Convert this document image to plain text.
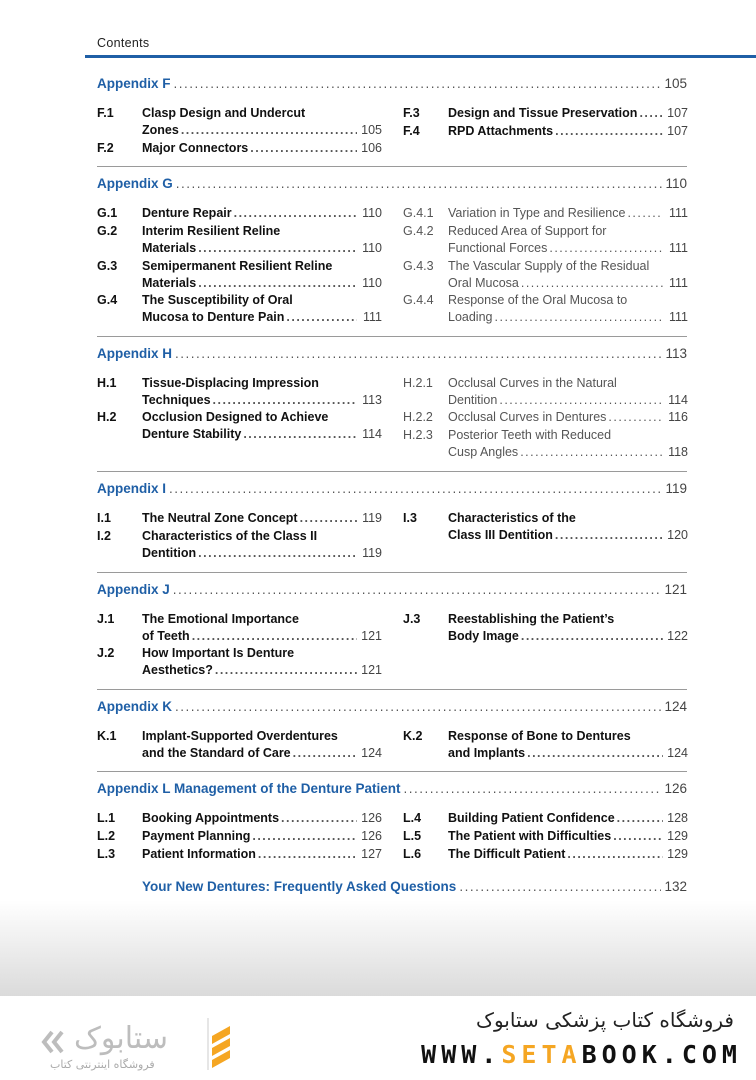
Contents
Appendix F .....	105
F.1 Clasp Design and Undercut
Zones .....	105
F.2 Major Connectors .....	106
F.3 Design and Tissue Preservation ..... 107
F.4 RPD Attachments .....	107
Appendix G .....	110
G.1 Denture Repair .....	110
G.2 Interim Resilient Reline
Materials .....	110
G.3 Semipermanent Resilient Reline
Materials .....	110
G.4 The Susceptibility of Oral
Mucosa to Denture Pain .....	111
G.4.1 Variation in Type and Resilience .....	111
G.4.2 Reduced Area of Support for
Functional Forces .....	111
G.4.3 The Vascular Supply of the Residual
Oral Mucosa .....	111
G.4.4 Response of the Oral Mucosa to
Loading .....	111
Appendix H .....	113
H.1 Tissue-Displacing Impression
Techniques .....	113
H.2 Occlusion Designed to Achieve
Denture Stability .....	114
H.2.1 Occlusal Curves in the Natural
Dentition .....	114
H.2.2 Occlusal Curves in Dentures .....	116
H.2.3 Posterior Teeth with Reduced
Cusp Angles .....	118
Appendix I .....	119
I.1 The Neutral Zone Concept .....	119
I.2 Characteristics of the Class II
Dentition .....	119
I.3 Characteristics of the
Class III Dentition .....	120
Appendix J .....	121
J.1 The Emotional Importance
of Teeth .....	121
J.2 How Important Is Denture
Aesthetics? .....	121
J.3 Reestablishing the Patient’s
Body Image .....	122
Appendix K .....	124
K.1 Implant-Supported Overdentures
and the Standard of Care .....	124
K.2 Response of Bone to Dentures
and Implants .....	124
Appendix L Management of the Denture Patient .....	126
L.1 Booking Appointments .....	126
L.2 Payment Planning .....	126
L.3 Patient Information .....	127
L.4 Building Patient Confidence .....	128
L.5 The Patient with Difficulties .....	129
L.6 The Difficult Patient .....	129
Your New Dentures: Frequently Asked Questions .....	132
.....
ستابوک
فروشگاه اینترنتی کتاب
فروشگاه کتاب پزشکی ستابوک
WWW.SETABOOK.COM
